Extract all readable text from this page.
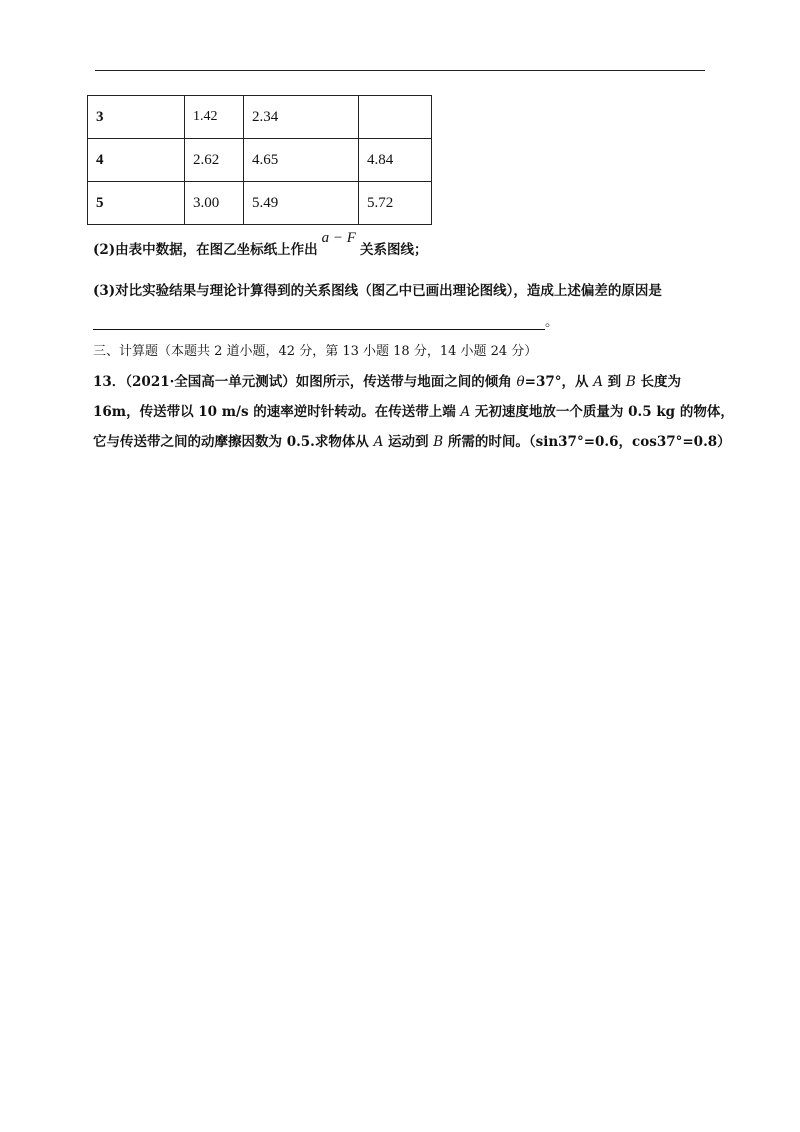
3	1.42	2.34	
4	2.62	4.65	4.84
5	3.00	5.49	5.72
(2)由表中数据，在图乙坐标纸上作出a − F关系图线；
(3)对比实验结果与理论计算得到的关系图线（图乙中已画出理论图线），造成上述偏差的原因是
。
三、计算题（本题共 2 道小题，42 分，第 13 小题 18 分，14 小题 24 分）
13．（2021·全国高一单元测试）如图所示，传送带与地面之间的倾角 θ=37°，从 A 到 B 长度为
16m，传送带以 10 m/s 的速率逆时针转动。在传送带上端 A 无初速度地放一个质量为 0.5 kg 的物体，
它与传送带之间的动摩擦因数为 0.5.求物体从 A 运动到 B 所需的时间。（sin37°=0.6，cos37°=0.8）
